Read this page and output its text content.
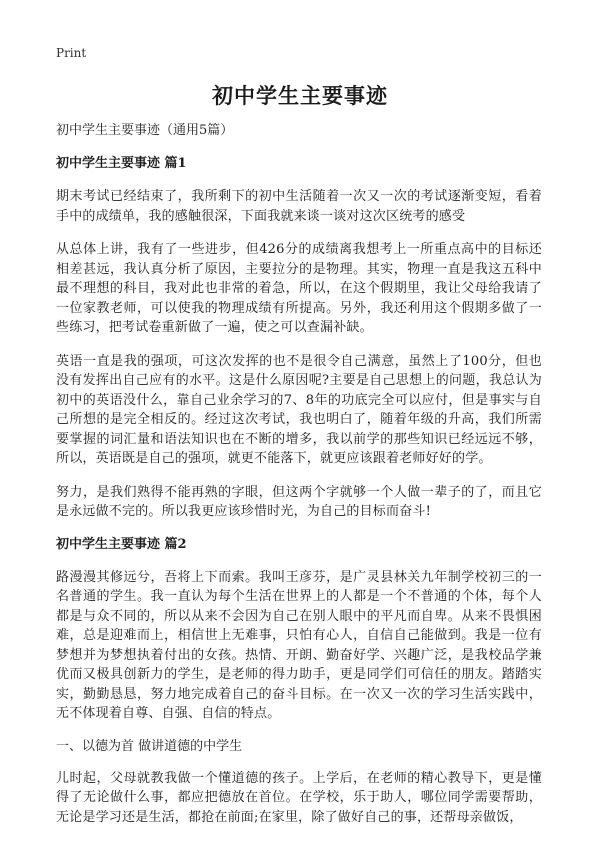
Print
初中学生主要事迹

初中学生主要事迹（通用5篇）

初中学生主要事迹 篇1

期末考试已经结束了，我所剩下的初中生活随着一次又一次的考试逐渐变短，看着手中的成绩单，我的感触很深，下面我就来谈一谈对这次区统考的感受

从总体上讲，我有了一些进步，但426分的成绩离我想考上一所重点高中的目标还相差甚远，我认真分析了原因，主要拉分的是物理。其实，物理一直是我这五科中最不理想的科目，我对此也非常的着急，所以，在这个假期里，我让父母给我请了一位家教老师，可以使我的物理成绩有所提高。另外，我还利用这个假期多做了一些练习，把考试卷重新做了一遍，使之可以查漏补缺。

英语一直是我的强项，可这次发挥的也不是很令自己满意，虽然上了100分，但也没有发挥出自己应有的水平。这是什么原因呢?主要是自己思想上的问题，我总认为初中的英语没什么，靠自己业余学习的7、8年的功底完全可以应付，但是事实与自己所想的是完全相反的。经过这次考试，我也明白了，随着年级的升高，我们所需要掌握的词汇量和语法知识也在不断的增多，我以前学的那些知识已经远远不够，所以，英语既是自己的强项，就更不能落下，就更应该跟着老师好好的学。

努力，是我们熟得不能再熟的字眼，但这两个字就够一个人做一辈子的了，而且它是永远做不完的。所以我更应该珍惜时光，为自己的目标而奋斗!

初中学生主要事迹 篇2

路漫漫其修远兮，吾将上下而索。我叫王彦芬，是广灵县林关九年制学校初三的一名普通的学生。我一直认为每个生活在世界上的人都是一个不普通的个体，每个人都是与众不同的，所以从来不会因为自己在别人眼中的平凡而自卑。从来不畏惧困难，总是迎难而上，相信世上无难事，只怕有心人，自信自己能做到。我是一位有梦想并为梦想执着付出的女孩。热情、开朗、勤奋好学、兴趣广泛，是我校品学兼优而又极具创新力的学生，是老师的得力助手，更是同学们可信任的朋友。踏踏实实，勤勤恳恳，努力地完成着自己的奋斗目标。在一次又一次的学习生活实践中，无不体现着自尊、自强、自信的特点。

一、以德为首 做讲道德的中学生

儿时起，父母就教我做一个懂道德的孩子。上学后，在老师的精心教导下，更是懂得了无论做什么事，都应把德放在首位。在学校，乐于助人，哪位同学需要帮助，无论是学习还是生活，都抢在前面;在家里，除了做好自己的事，还帮母亲做饭，
